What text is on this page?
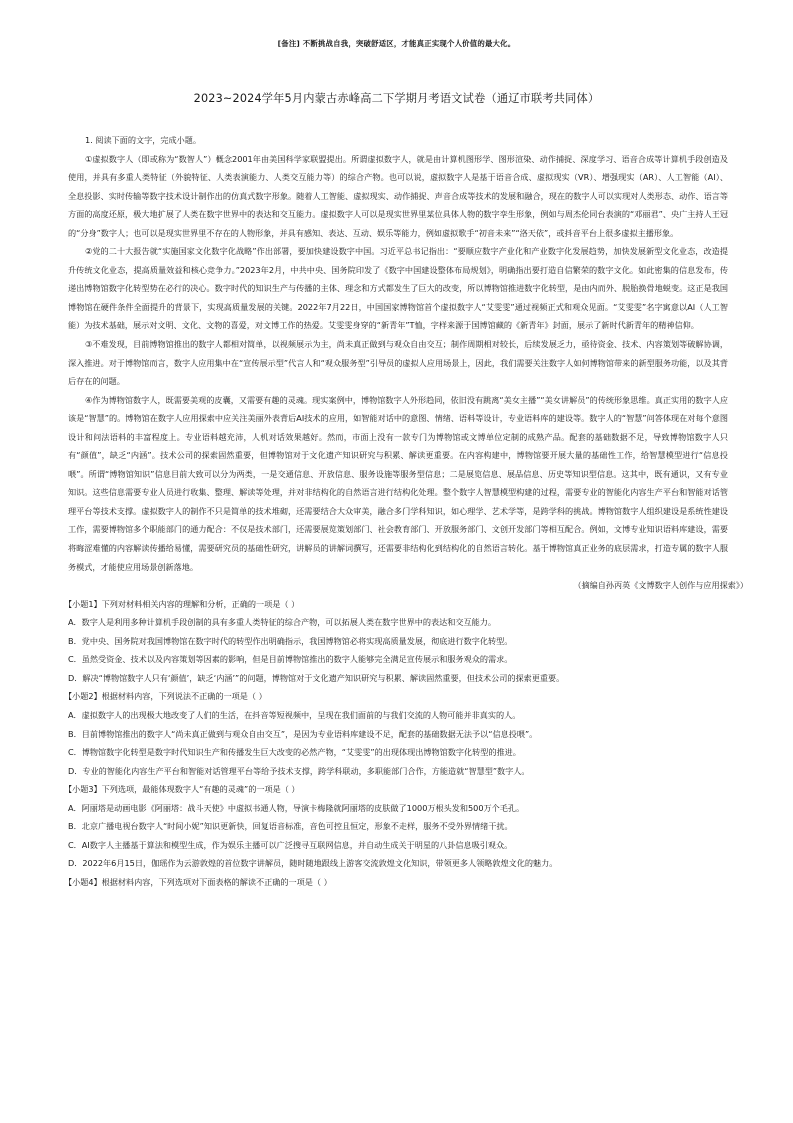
[备注] 不断挑战自我，突破舒适区，才能真正实现个人价值的最大化。
2023~2024学年5月内蒙古赤峰高二下学期月考语文试卷（通辽市联考共同体）

1. 阅读下面的文字，完成小题。

①虚拟数字人（即或称为“数智人”）概念2001年由美国科学家联盟提出。所谓虚拟数字人，就是由计算机图形学、图形渲染、动作捕捉、深度学习、语音合成等计算机手段创造及使用，并具有多重人类特征（外貌特征、人类表演能力、人类交互能力等）的综合产物。也可以说，虚拟数字人是基于语音合成、虚拟现实（VR）、增强现实（AR）、人工智能（AI）、全息投影、实时传输等数字技术设计制作出的仿真式数字形象。随着人工智能、虚拟现实、动作捕捉、声音合成等技术的发展和融合，现在的数字人可以实现对人类形态、动作、语言等方面的高度还原，极大地扩展了人类在数字世界中的表达和交互能力。虚拟数字人可以是现实世界里某位具体人物的数字孪生形象，例如与周杰伦同台表演的“邓丽君”、央广主持人王冠的“分身”数字人；也可以是现实世界里不存在的人物形象，并具有感知、表达、互动、娱乐等能力，例如虚拟歌手“初音未来”“洛天依”，或抖音平台上很多虚拟主播形象。

②党的二十大报告就“实施国家文化数字化战略”作出部署，要加快建设数字中国。习近平总书记指出：“要顺应数字产业化和产业数字化发展趋势，加快发展新型文化业态，改造提升传统文化业态，提高质量效益和核心竞争力。”2023年2月，中共中央、国务院印发了《数字中国建设整体布局规划》，明确指出要打造自信繁荣的数字文化。如此密集的信息发布，传递出博物馆数字化转型势在必行的决心。数字时代的知识生产与传播的主体、理念和方式都发生了巨大的改变，所以博物馆推进数字化转型，是由内而外、脱胎换骨地蜕变。这正是我国博物馆在硬件条件全面提升的背景下，实现高质量发展的关键。2022年7月22日，中国国家博物馆首个虚拟数字人“艾雯雯”通过视频正式和观众见面。“艾雯雯”名字寓意以AI（人工智能）为技术基础，展示对文明、文化、文物的喜爱，对文博工作的热爱。艾雯雯身穿的“新青年”T恤，字样来源于国博馆藏的《新青年》封面，展示了新时代新青年的精神信仰。

③不难发现，目前博物馆推出的数字人都相对简单，以视频展示为主，尚未真正做到与观众自由交互；制作周期相对较长，后续发展乏力，亟待资金、技术、内容策划等破解协调，深入推进。对于博物馆而言，数字人应用集中在“宣传展示型”代言人和“观众服务型”引导员的虚拟人应用场景上，因此，我们需要关注数字人如何博物馆带来的新型服务功能，以及其背后存在的问题。

④作为博物馆数字人，既需要美观的皮囊，又需要有趣的灵魂。现实案例中，博物馆数字人外形趋同，依旧没有跳离“美女主播”“美女讲解员”的传统形象思维。真正实用的数字人应该是“智慧”的。博物馆在数字人应用探索中应关注美丽外表背后AI技术的应用，如智能对话中的意图、情绪、语料等设计，专业语料库的建设等。数字人的“智慧”问答体现在对每个意图设计和问法语料的丰富程度上。专业语料越充沛，人机对话效果越好。然而，市面上没有一款专门为博物馆或文博单位定制的成熟产品。配套的基础数据不足，导致博物馆数字人只有“颜值”，缺乏“内涵”。技术公司的探索固然重要，但博物馆对于文化遗产知识研究与积累、解读更重要。在内容构建中，博物馆要开展大量的基础性工作，给智慧模型进行“信息投喂”。所谓“博物馆知识”信息目前大致可以分为两类，一是交通信息、开放信息、服务设施等服务型信息；二是展览信息、展品信息、历史等知识型信息。这其中，既有通识，又有专业知识。这些信息需要专业人员进行收集、整理、解读等处理，并对非结构化的自然语言进行结构化处理。整个数字人智慧模型构建的过程，需要专业的智能化内容生产平台和智能对话管理平台等技术支撑。虚拟数字人的制作不只是简单的技术堆砌，还需要结合大众审美，融合多门学科知识，如心理学、艺术学等，是跨学科的挑战。博物馆数字人组织建设是系统性建设工作，需要博物馆多个职能部门的通力配合：不仅是技术部门，还需要展览策划部门、社会教育部门、开放服务部门、文创开发部门等相互配合。例如，文博专业知识语料库建设，需要将晦涩难懂的内容解读传播给易懂，需要研究员的基础性研究，讲解员的讲解词撰写，还需要非结构化到结构化的自然语言转化。基于博物馆真正业务的底层需求，打造专属的数字人服务模式，才能使应用场景创新落地。

（摘编自孙丙英《文博数字人创作与应用探索》）

【小题1】下列对材料相关内容的理解和分析，正确的一项是（ ）

A．数字人是利用多种计算机手段创制的具有多重人类特征的综合产物，可以拓展人类在数字世界中的表达和交互能力。

B．党中央、国务院对我国博物馆在数字时代的转型作出明确指示，我国博物馆必将实现高质量发展，彻底进行数字化转型。

C．虽然受资金、技术以及内容策划等因素的影响，但是目前博物馆推出的数字人能够完全满足宣传展示和服务观众的需求。

D．解决“博物馆数字人只有‘颜值’，缺乏‘内涵’”的问题，博物馆对于文化遗产知识研究与积累、解读固然重要，但技术公司的探索更重要。

【小题2】根据材料内容，下列说法不正确的一项是（ ）

A．虚拟数字人的出现极大地改变了人们的生活，在抖音等短视频中，呈现在我们面前的与我们交流的人物可能并非真实的人。

B．目前博物馆推出的数字人“尚未真正做到与观众自由交互”，是因为专业语料库建设不足，配套的基础数据无法予以“信息投喂”。

C．博物馆数字化转型是数字时代知识生产和传播发生巨大改变的必然产物，“艾雯雯”的出现体现出博物馆数字化转型的推进。

D．专业的智能化内容生产平台和智能对话管理平台等给予技术支撑，跨学科联动，多职能部门合作，方能造就“智慧型”数字人。

【小题3】下列选项，最能体现数字人“有趣的灵魂”的一项是（ ）

A．阿丽塔是动画电影《阿丽塔：战斗天使》中虚拟书通人物，导演卡梅隆就阿丽塔的皮肤做了1000万根头发和500万个毛孔。

B．北京广播电视台数字人“时间小妮”知识更新快，回复语音标准，音色可控且恒定，形象不走样，服务不受外界情绪干扰。

C．AI数字人主播基于算法和模型生成，作为娱乐主播可以广泛搜寻互联网信息，并自动生成关于明星的八卦信息吸引观众。

D．2022年6月15日，伽瑶作为云游敦煌的首位数字讲解员，随时随地跟线上游客交流敦煌文化知识，带领更多人领略敦煌文化的魅力。

【小题4】根据材料内容，下列选项对下面表格的解读不正确的一项是（ ）
